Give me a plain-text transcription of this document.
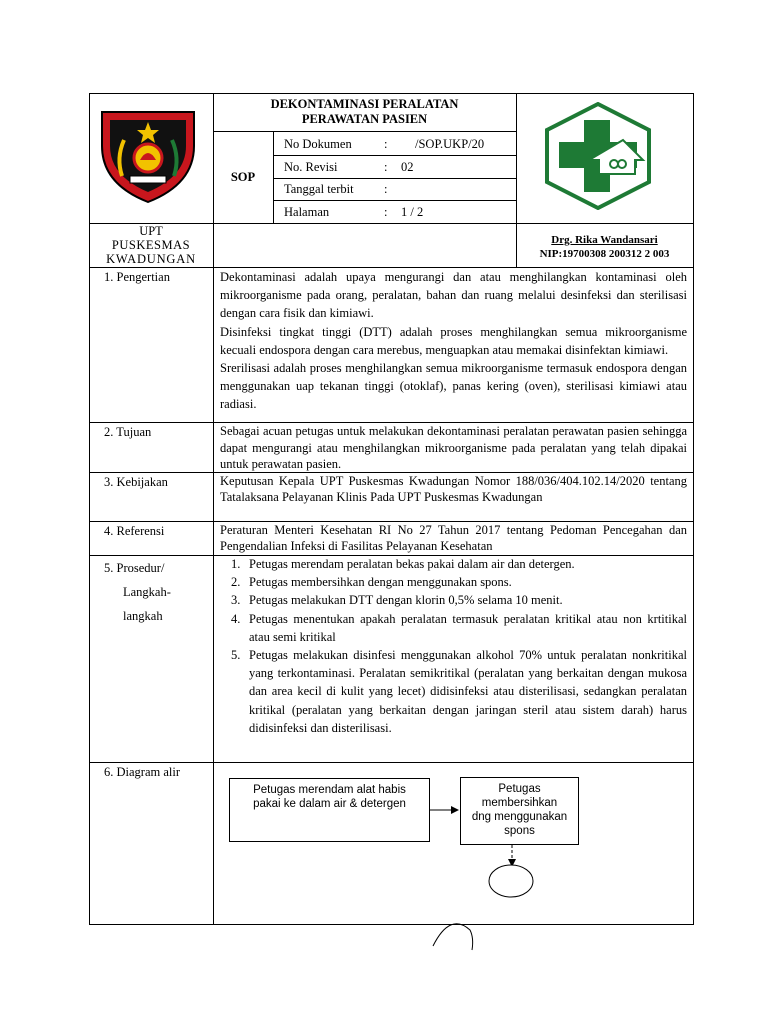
DEKONTAMINASI PERALATAN
PERAWATAN PASIEN
SOP
No Dokumen	: /SOP.UKP/20
No. Revisi	: 02
Tanggal terbit :
Halaman	: 1 / 2
UPT
PUSKESMAS
KWADUNGAN
Drg. Rika Wandansari
NIP:19700308 200312 2 003
1. Pengertian	Dekontaminasi adalah upaya mengurangi dan atau menghilangkan kontaminasi oleh mikroorganisme pada orang, peralatan, bahan dan ruang melalui desinfeksi dan sterilisasi dengan cara fisik dan kimiawi.
Disinfeksi tingkat tinggi (DTT) adalah proses menghilangkan semua mikroorganisme kecuali endospora dengan cara merebus, menguapkan atau memakai disinfektan kimiawi.
Srerilisasi adalah proses menghilangkan semua mikroorganisme termasuk endospora dengan menggunakan uap tekanan tinggi (otoklaf), panas kering (oven), sterilisasi kimiawi atau radiasi.
2. Tujuan	Sebagai acuan petugas untuk melakukan dekontaminasi peralatan perawatan pasien sehingga dapat mengurangi atau menghilangkan mikroorganisme pada peralatan yang telah dipakai untuk perawatan pasien.
3. Kebijakan	Keputusan Kepala UPT Puskesmas Kwadungan Nomor 188/036/404.102.14/2020 tentang Tatalaksana Pelayanan Klinis Pada UPT Puskesmas Kwadungan
4. Referensi	Peraturan Menteri Kesehatan RI No 27 Tahun 2017 tentang Pedoman Pencegahan dan Pengendalian Infeksi di Fasilitas Pelayanan Kesehatan
5. Prosedur/
Langkah-
langkah
1. Petugas merendam peralatan bekas pakai dalam air dan detergen.
2. Petugas membersihkan dengan menggunakan spons.
3. Petugas melakukan DTT dengan klorin 0,5% selama 10 menit.
4. Petugas menentukan apakah peralatan termasuk peralatan kritikal atau non krtitikal atau semi kritikal
5. Petugas melakukan disinfesi menggunakan alkohol 70% untuk peralatan nonkritikal yang terkontaminasi. Peralatan semikritikal (peralatan yang berkaitan dengan mukosa dan area kecil di kulit yang lecet) didisinfeksi atau disterilisasi, sedangkan peralatan kritikal (peralatan yang berkaitan dengan jaringan steril atau sistem darah) harus didisinfeksi dan disterilisasi.
6. Diagram alir
Petugas merendam alat habis
pakai ke dalam air & detergen
Petugas
membersihkan
dng menggunakan
spons
